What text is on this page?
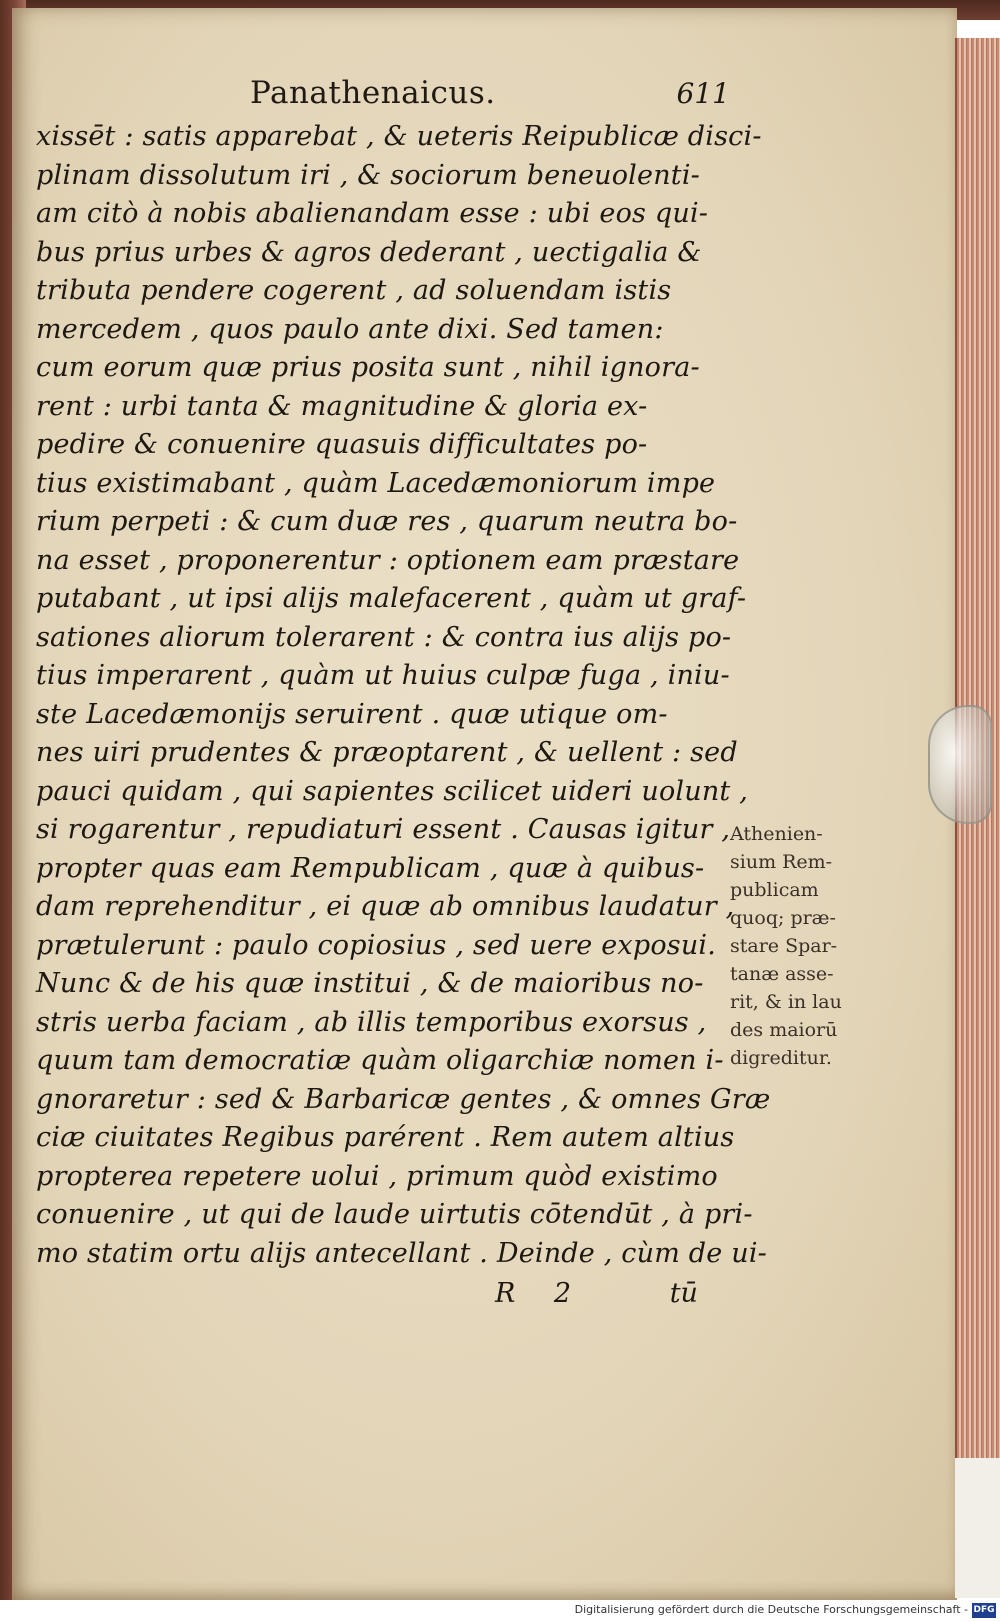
Panathenaicus.	611
xissēt : satis apparebat , & ueteris Reipublicæ disci-
plinam dissolutum iri , & sociorum beneuolenti-
am citò à nobis abalienandam esse : ubi eos qui-
bus prius urbes & agros dederant , uectigalia &
tributa pendere cogerent , ad soluendam istis
mercedem , quos paulo ante dixi. Sed tamen:
cum eorum quæ prius posita sunt , nihil ignora-
rent : urbi tanta & magnitudine & gloria ex-
pedire & conuenire quasuis difficultates po-
tius existimabant , quàm Lacedæmoniorum impe
rium perpeti : & cum duæ res , quarum neutra bo-
na esset , proponerentur : optionem eam præstare
putabant , ut ipsi alijs malefacerent , quàm ut graf-
sationes aliorum tolerarent : & contra ius alijs po-
tius imperarent , quàm ut huius culpæ fuga , iniu-
ste Lacedæmonijs seruirent . quæ utique om-
nes uiri prudentes & præoptarent , & uellent : sed
pauci quidam , qui sapientes scilicet uideri uolunt ,
si rogarentur , repudiaturi essent . Causas igitur ,
propter quas eam Rempublicam , quæ à quibus-
dam reprehenditur , ei quæ ab omnibus laudatur ,
prætulerunt : paulo copiosius , sed uere exposui.
Nunc & de his quæ institui , & de maioribus no-
stris uerba faciam , ab illis temporibus exorsus ,
quum tam democratiæ quàm oligarchiæ nomen i-
gnoraretur : sed & Barbaricæ gentes , & omnes Græ
ciæ ciuitates Regibus parérent . Rem autem altius
propterea repetere uolui , primum quòd existimo
conuenire , ut qui de laude uirtutis cōtendūt , à pri-
mo statim ortu alijs antecellant . Deinde , cùm de ui-
Athenien-
sium Rem-
publicam
quoq; præ-
stare Spar-
tanæ asse-
rit, & in lau
des maiorū
digreditur.
R 2	tū
Digitalisierung gefördert durch die Deutsche Forschungsgemeinschaft - DFG
